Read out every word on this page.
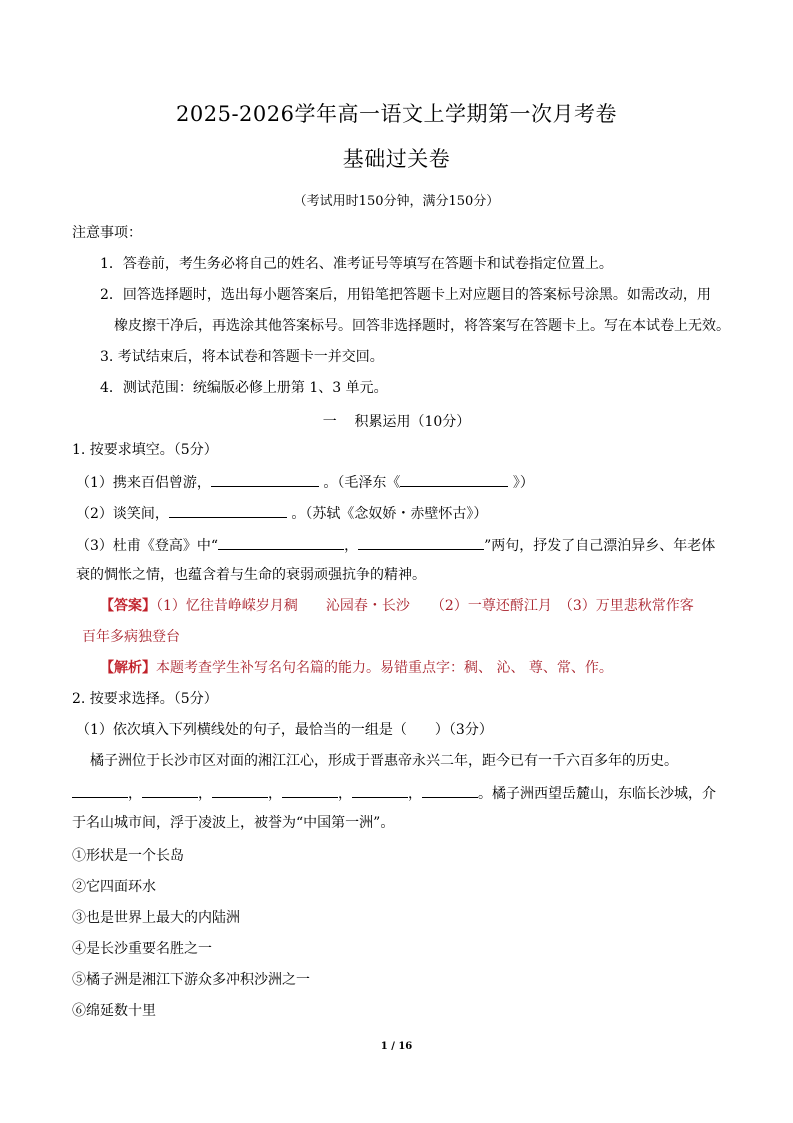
2025-2026学年高一语文上学期第一次月考卷
基础过关卷
（考试用时150分钟，满分150分）
注意事项：
1．答卷前，考生务必将自己的姓名、准考证号等填写在答题卡和试卷指定位置上。
2．回答选择题时，选出每小题答案后，用铅笔把答题卡上对应题目的答案标号涂黑。如需改动，用
橡皮擦干净后，再选涂其他答案标号。回答非选择题时，将答案写在答题卡上。写在本试卷上无效。
3. 考试结束后，将本试卷和答题卡一并交回。
4．测试范围：统编版必修上册第 1、3 单元。
一    积累运用（10分）
1. 按要求填空。（5分）
（1）携来百侣曾游，	。（毛泽东《	》）
（2）谈笑间，	。（苏轼《念奴娇・赤壁怀古》）
（3）杜甫《登高》中“	，	”两句，抒发了自己漂泊异乡、年老体
衰的惆怅之情，也蕴含着与生命的衰弱顽强抗争的精神。
【答案】（1）忆往昔峥嵘岁月稠　　沁园春・长沙　　（2）一尊还酹江月　（3）万里悲秋常作客
百年多病独登台
【解析】本题考查学生补写名句名篇的能力。易错重点字：稠、 沁、 尊、常、作。
2. 按要求选择。（5分）
（1）依次填入下列横线处的句子，最恰当的一组是（　　）（3分）
橘子洲位于长沙市区对面的湘江江心，形成于晋惠帝永兴二年，距今已有一千六百多年的历史。
，	，	，	，	，	。橘子洲西望岳麓山，东临长沙城，介
于名山城市间，浮于凌波上，被誉为“中国第一洲”。
①形状是一个长岛
②它四面环水
③也是世界上最大的内陆洲
④是长沙重要名胜之一
⑤橘子洲是湘江下游众多冲积沙洲之一
⑥绵延数十里
1 / 16
